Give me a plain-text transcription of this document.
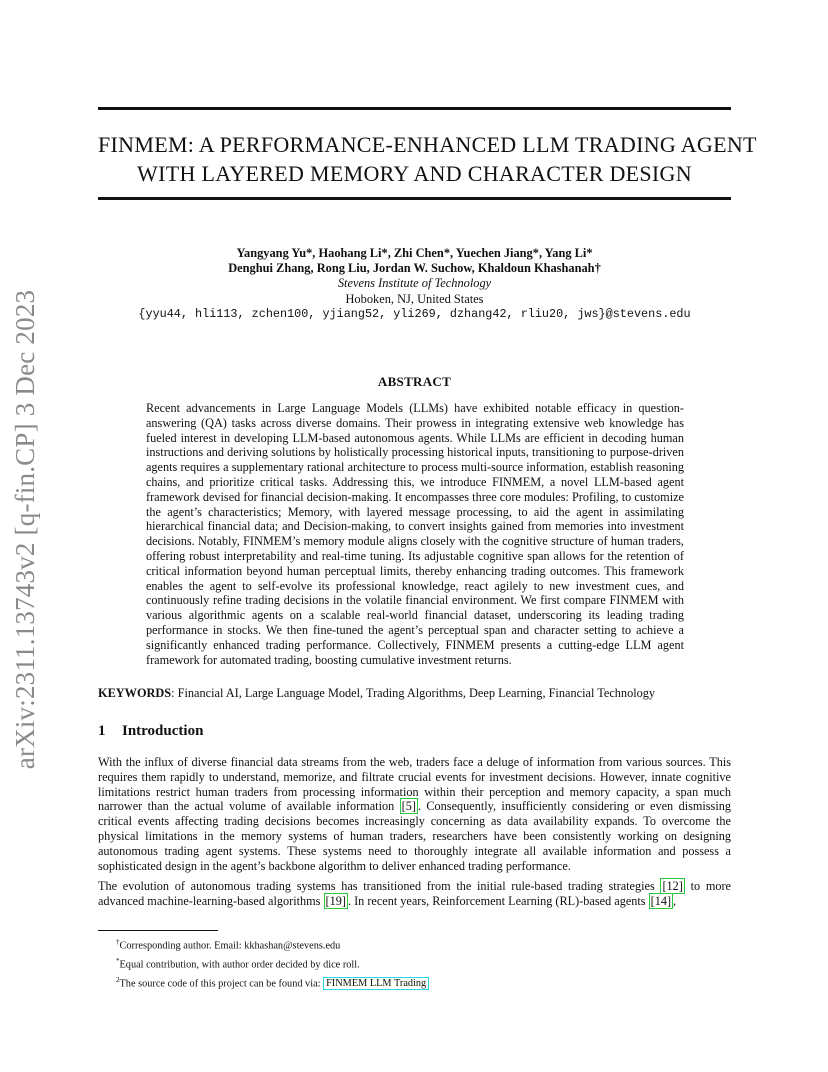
arXiv:2311.13743v2 [q-fin.CP] 3 Dec 2023
FINMEM: A PERFORMANCE-ENHANCED LLM TRADING AGENT
WITH LAYERED MEMORY AND CHARACTER DESIGN
Yangyang Yu*, Haohang Li*, Zhi Chen*, Yuechen Jiang*, Yang Li*
Denghui Zhang, Rong Liu, Jordan W. Suchow, Khaldoun Khashanah†
Stevens Institute of Technology
Hoboken, NJ, United States
{yyu44, hli113, zchen100, yjiang52, yli269, dzhang42, rliu20, jws}@stevens.edu
ABSTRACT
Recent advancements in Large Language Models (LLMs) have exhibited notable efficacy in question-answering (QA) tasks across diverse domains. Their prowess in integrating extensive web knowledge has fueled interest in developing LLM-based autonomous agents. While LLMs are efficient in decoding human instructions and deriving solutions by holistically processing historical inputs, transitioning to purpose-driven agents requires a supplementary rational architecture to process multi-source information, establish reasoning chains, and prioritize critical tasks. Addressing this, we introduce FINMEM, a novel LLM-based agent framework devised for financial decision-making. It encompasses three core modules: Profiling, to customize the agent’s characteristics; Memory, with layered message processing, to aid the agent in assimilating hierarchical financial data; and Decision-making, to convert insights gained from memories into investment decisions. Notably, FINMEM’s memory module aligns closely with the cognitive structure of human traders, offering robust interpretability and real-time tuning. Its adjustable cognitive span allows for the retention of critical information beyond human perceptual limits, thereby enhancing trading outcomes. This framework enables the agent to self-evolve its professional knowledge, react agilely to new investment cues, and continuously refine trading decisions in the volatile financial environment. We first compare FINMEM with various algorithmic agents on a scalable real-world financial dataset, underscoring its leading trading performance in stocks. We then fine-tuned the agent’s perceptual span and character setting to achieve a significantly enhanced trading performance. Collectively, FINMEM presents a cutting-edge LLM agent framework for automated trading, boosting cumulative investment returns.
KEYWORDS: Financial AI, Large Language Model, Trading Algorithms, Deep Learning, Financial Technology
1 Introduction

With the influx of diverse financial data streams from the web, traders face a deluge of information from various sources. This requires them rapidly to understand, memorize, and filtrate crucial events for investment decisions. However, innate cognitive limitations restrict human traders from processing information within their perception and memory capacity, a span much narrower than the actual volume of available information [5] . Consequently, insufficiently considering or even dismissing critical events affecting trading decisions becomes increasingly concerning as data availability expands. To overcome the physical limitations in the memory systems of human traders, researchers have been consistently working on designing autonomous trading agent systems. These systems need to thoroughly integrate all available information and possess a sophisticated design in the agent’s backbone algorithm to deliver enhanced trading performance.

The evolution of autonomous trading systems has transitioned from the initial rule-based trading strategies [12] to more advanced machine-learning-based algorithms [19] . In recent years, Reinforcement Learning (RL)-based agents [14] ,

†Corresponding author. Email: kkhashan@stevens.edu
*Equal contribution, with author order decided by dice roll.
$^2$The source code of this project can be found via: FINMEM LLM Trading
